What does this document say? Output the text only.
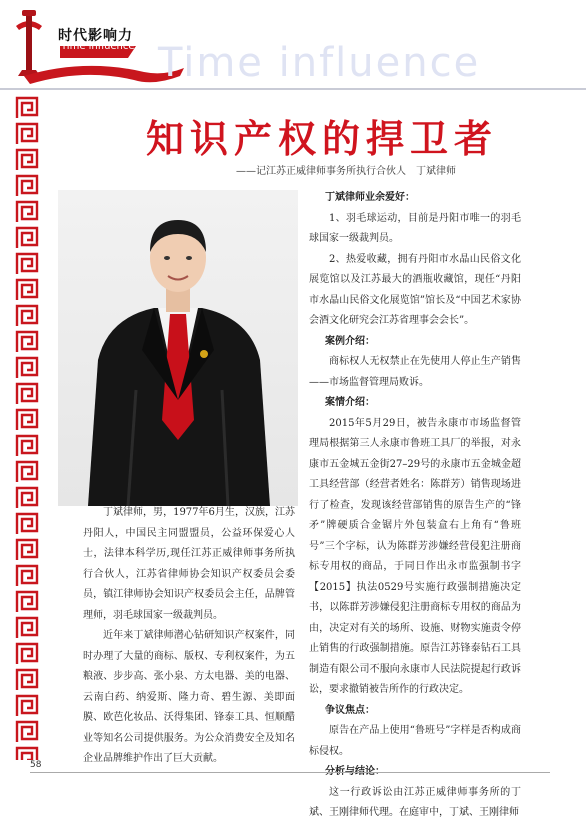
时代影响力
Time influence Time influence
知识产权的捍卫者
——记江苏正威律师事务所执行合伙人　丁斌律师

丁斌律师，男，1977年6月生，汉族，江苏丹阳人，中国民主同盟盟员，公益环保爱心人士，法律本科学历,现任江苏正威律师事务所执行合伙人，江苏省律师协会知识产权委员会委员，镇江律师协会知识产权委员会主任，品牌管理师，羽毛球国家一级裁判员。

近年来丁斌律师潜心钻研知识产权案件，同时办理了大量的商标、版权、专利权案件，为五粮液、步步高、张小泉、方太电器、美的电器、云南白药、纳爱斯、隆力奇、碧生源、美即面膜、欧芭化妆品、沃得集团、锋泰工具、恒顺醋业等知名公司提供服务。为公众消费安全及知名企业品牌维护作出了巨大贡献。

丁斌律师业余爱好：

1、羽毛球运动，目前是丹阳市唯一的羽毛球国家一级裁判员。

2、热爱收藏，拥有丹阳市水晶山民俗文化展览馆以及江苏最大的酒瓶收藏馆，现任“丹阳市水晶山民俗文化展览馆”馆长及“中国艺术家协会酒文化研究会江苏省理事会会长”。

案例介绍：

商标权人无权禁止在先使用人停止生产销售——市场监督管理局败诉。

案情介绍：

2015年5月29日，被告永康市市场监督管理局根据第三人永康市鲁班工具厂的举报，对永康市五金城五金街27–29号的永康市五金城金超工具经营部（经营者姓名：陈群芳）销售现场进行了检查，发现该经营部销售的原告生产的“锋矛”牌硬质合金锯片外包装盒右上角有“鲁班号”三个字标，认为陈群芳涉嫌经营侵犯注册商标专用权的商品，于同日作出永市监强制书字【2015】执法0529号实施行政强制措施决定书，以陈群芳涉嫌侵犯注册商标专用权的商品为由，决定对有关的场所、设施、财物实施责令停止销售的行政强制措施。原告江苏锋泰钻石工具制造有限公司不服向永康市人民法院提起行政诉讼，要求撤销被告所作的行政决定。

争议焦点：

原告在产品上使用“鲁班号”字样是否构成商标侵权。

这一行政诉讼由江苏正威律师事务所的丁斌、王刚律师代理。在庭审中，丁斌、王刚律师

58
